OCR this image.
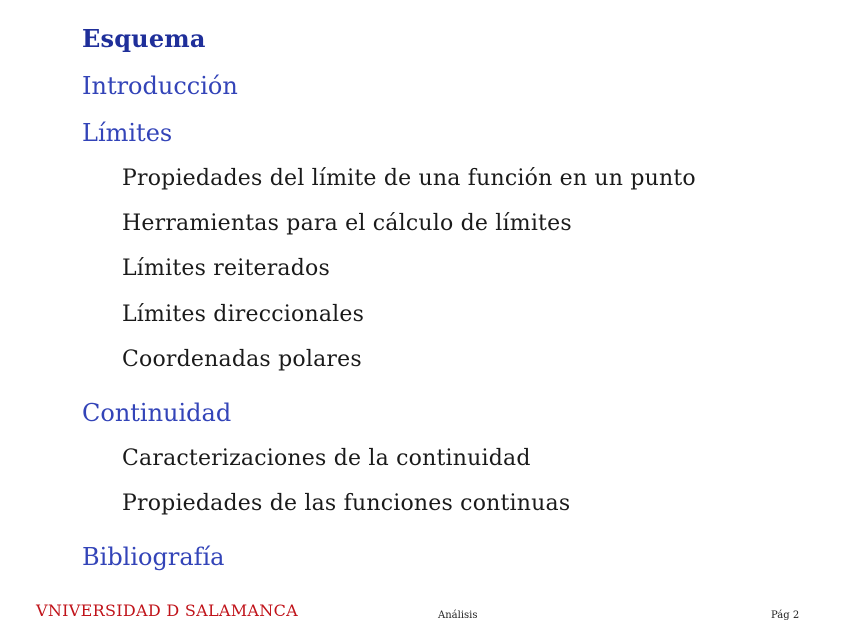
Esquema
Introducción
Límites
Propiedades del límite de una función en un punto
Herramientas para el cálculo de límites
Límites reiterados
Límites direccionales
Coordenadas polares
Continuidad
Caracterizaciones de la continuidad
Propiedades de las funciones continuas
Bibliografía
VNIVERSIDAD D SALAMANCA	Análisis	Pág 2
